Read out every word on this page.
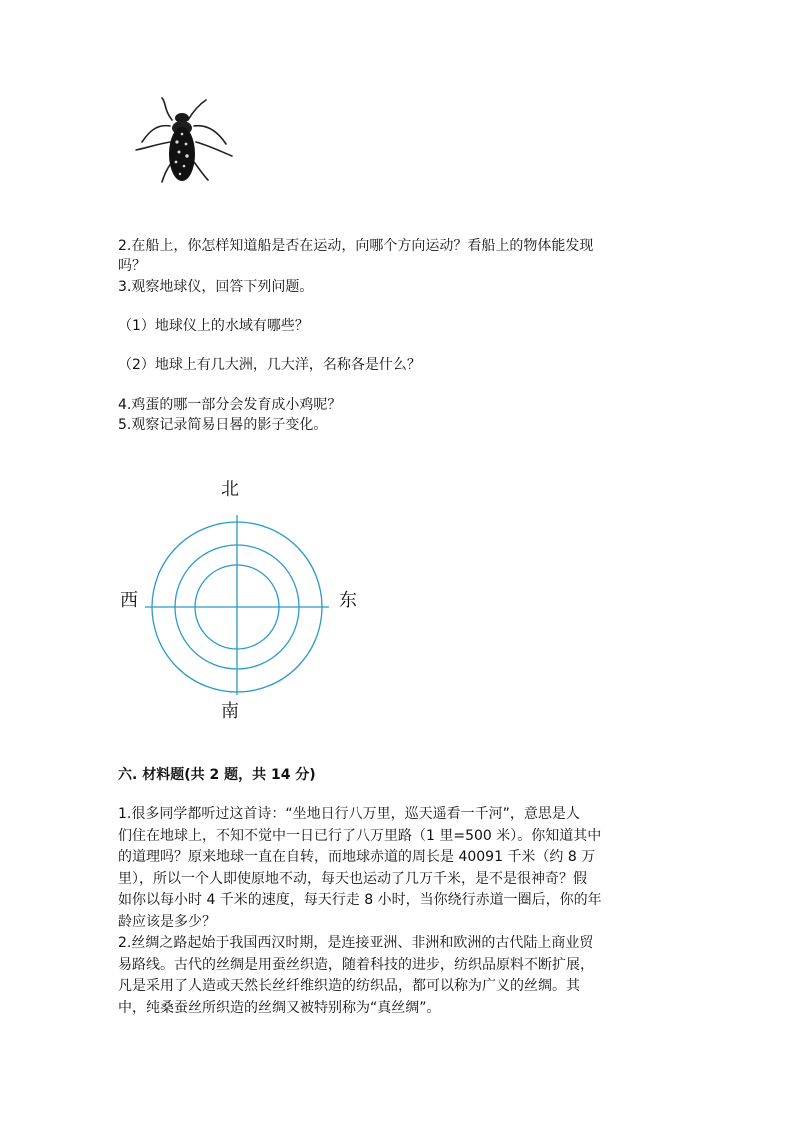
2.在船上，你怎样知道船是否在运动，向哪个方向运动？看船上的物体能发现
吗？
3.观察地球仪，回答下列问题。
（1）地球仪上的水域有哪些？
（2）地球上有几大洲，几大洋，名称各是什么？
4.鸡蛋的哪一部分会发育成小鸡呢？
5.观察记录简易日晷的影子变化。
北
南
东
西
六. 材料题(共 2 题，共 14 分)
1.很多同学都听过这首诗：“坐地日行八万里，巡天遥看一千河”，意思是人
们住在地球上，不知不觉中一日已行了八万里路（1 里=500 米）。你知道其中
的道理吗？原来地球一直在自转，而地球赤道的周长是 40091 千米（约 8 万
里），所以一个人即使原地不动，每天也运动了几万千米，是不是很神奇？假
如你以每小时 4 千米的速度，每天行走 8 小时，当你绕行赤道一圈后，你的年
龄应该是多少？
2.丝绸之路起始于我国西汉时期，是连接亚洲、非洲和欧洲的古代陆上商业贸
易路线。古代的丝绸是用蚕丝织造，随着科技的进步，纺织品原料不断扩展，
凡是采用了人造或天然长丝纤维织造的纺织品，都可以称为广义的丝绸。其
中，纯桑蚕丝所织造的丝绸又被特别称为“真丝绸”。
